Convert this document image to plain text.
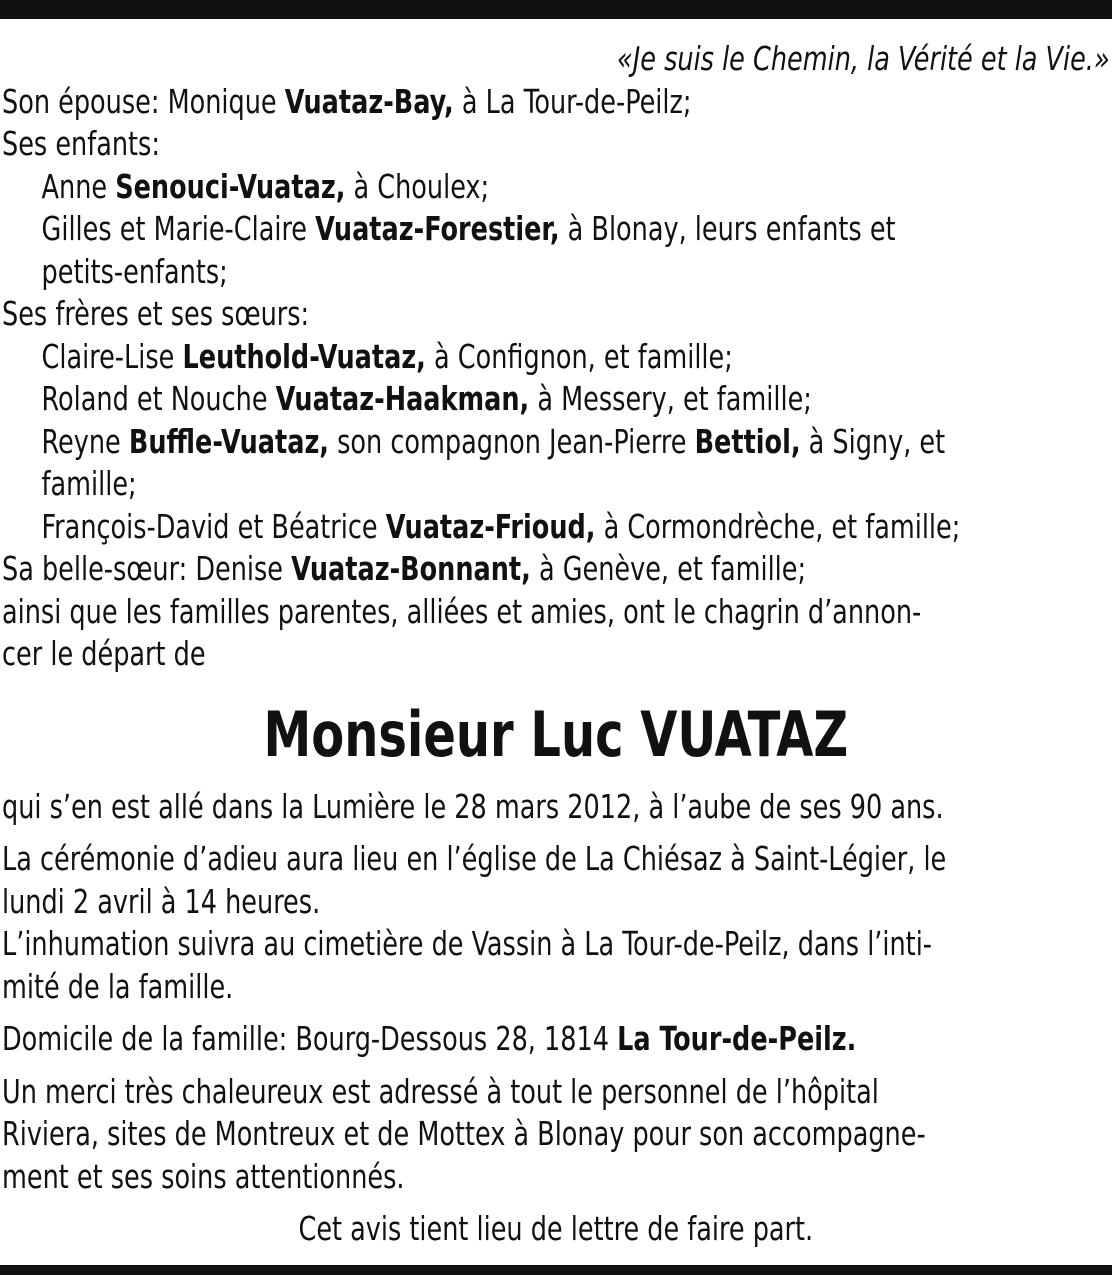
«Je suis le Chemin, la Vérité et la Vie.»
Son épouse: Monique Vuataz-Bay, à La Tour-de-Peilz;
Ses enfants:
Anne Senouci-Vuataz, à Choulex;
Gilles et Marie-Claire Vuataz-Forestier, à Blonay, leurs enfants et
petits-enfants;
Ses frères et ses sœurs:
Claire-Lise Leuthold-Vuataz, à Confignon, et famille;
Roland et Nouche Vuataz-Haakman, à Messery, et famille;
Reyne Buffle-Vuataz, son compagnon Jean-Pierre Bettiol, à Signy, et
famille;
François-David et Béatrice Vuataz-Frioud, à Cormondrèche, et famille;
Sa belle-sœur: Denise Vuataz-Bonnant, à Genève, et famille;
ainsi que les familles parentes, alliées et amies, ont le chagrin d’annon-
cer le départ de
Monsieur Luc VUATAZ
qui s’en est allé dans la Lumière le 28 mars 2012, à l’aube de ses 90 ans.
La cérémonie d’adieu aura lieu en l’église de La Chiésaz à Saint-Légier, le
lundi 2 avril à 14 heures.
L’inhumation suivra au cimetière de Vassin à La Tour-de-Peilz, dans l’inti-
mité de la famille.
Domicile de la famille: Bourg-Dessous 28, 1814 La Tour-de-Peilz.
Un merci très chaleureux est adressé à tout le personnel de l’hôpital
Riviera, sites de Montreux et de Mottex à Blonay pour son accompagne-
ment et ses soins attentionnés.
Cet avis tient lieu de lettre de faire part.
